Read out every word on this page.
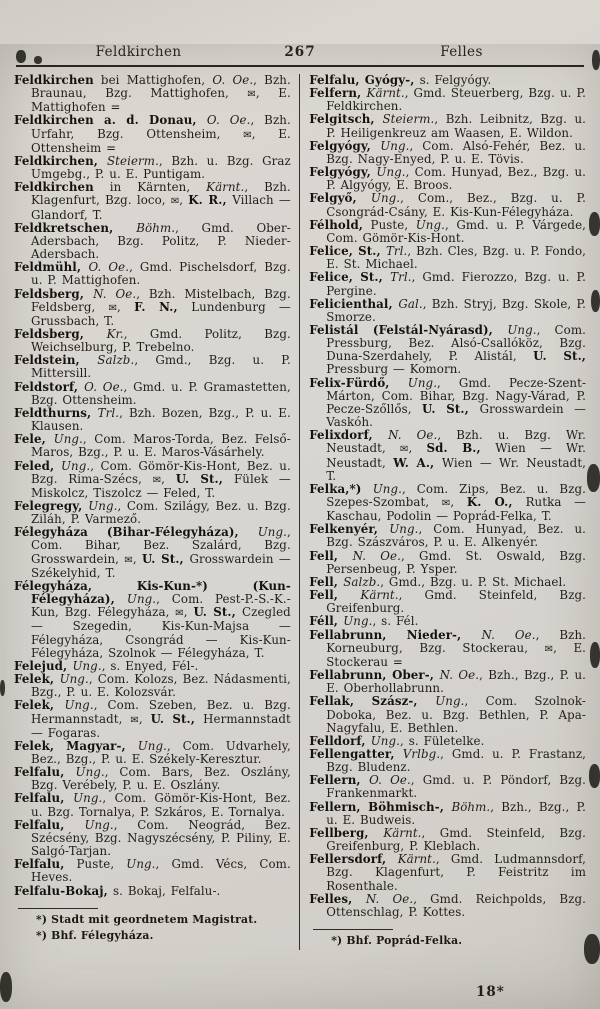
Feldkirchen	267	Felles

Feldkirchen bei Mattighofen, O. Oe., Bzh. Braunau, Bzg. Mattighofen, ✉, E. Mattighofen =

Feldkirchen a. d. Donau, O. Oe., Bzh. Urfahr, Bzg. Ottensheim, ✉, E. Ottensheim =

Feldkirchen, Steierm., Bzh. u. Bzg. Graz Umgebg., P. u. E. Puntigam.

Feldkirchen in Kärnten, Kärnt., Bzh. Klagenfurt, Bzg. loco, ✉, K. R., Villach — Glandorf, T.

Feldkretschen, Böhm., Gmd. Ober-Adersbach, Bzg. Politz, P. Nieder-Adersbach.

Feldmühl, O. Oe., Gmd. Pischelsdorf, Bzg. u. P. Mattighofen.

Feldsberg, N. Oe., Bzh. Mistelbach, Bzg. Feldsberg, ✉, F. N., Lundenburg — Grussbach, T.

Feldsberg, Kr., Gmd. Politz, Bzg. Weichselburg, P. Trebelno.

Feldstein, Salzb., Gmd., Bzg. u. P. Mittersill.

Feldstorf, O. Oe., Gmd. u. P. Gramastetten, Bzg. Ottensheim.

Feldthurns, Trl., Bzh. Bozen, Bzg., P. u. E. Klausen.

Fele, Ung., Com. Maros-Torda, Bez. Felső-Maros, Bzg., P. u. E. Maros-Vásárhely.

Feled, Ung., Com. Gömör-Kis-Hont, Bez. u. Bzg. Rima-Szécs, ✉, U. St., Fülek — Miskolcz, Tiszolcz — Feled, T.

Felegregy, Ung., Com. Szilágy, Bez. u. Bzg. Ziláh, P. Varmező.

Félegyháza (Bihar-Félegyháza), Ung., Com. Bihar, Bez. Szalárd, Bzg. Grosswardein, ✉, U. St., Grosswardein — Székelyhid, T.

Félegyháza, Kis-Kun-*) (Kun-Félegyháza), Ung., Com. Pest-P.-S.-K.-Kun, Bzg. Félegyháza, ✉, U. St., Czegled — Szegedin, Kis-Kun-Majsa — Félegyháza, Csongrád — Kis-Kun-Félegyháza, Szolnok — Félegyháza, T.

Felejud, Ung., s. Enyed, Fél-.

Felek, Ung., Com. Kolozs, Bez. Nádasmenti, Bzg., P. u. E. Kolozsvár.

Felek, Ung., Com. Szeben, Bez. u. Bzg. Hermannstadt, ✉, U. St., Hermannstadt — Fogaras.

Felek, Magyar-, Ung., Com. Udvarhely, Bez., Bzg., P. u. E. Székely-Keresztur.

Felfalu, Ung., Com. Bars, Bez. Oszlány, Bzg. Verébely, P. u. E. Oszlány.

Felfalu, Ung., Com. Gömör-Kis-Hont, Bez. u. Bzg. Tornalya, P. Szkáros, E. Tornalya.

Felfalu, Ung., Com. Neográd, Bez. Szécsény, Bzg. Nagyszécsény, P. Piliny, E. Salgó-Tarjan.

Felfalu, Puste, Ung., Gmd. Vécs, Com. Heves.

Felfalu-Bokaj, s. Bokaj, Felfalu-.

*) Stadt mit geordnetem Magistrat.

*) Bhf. Félegyháza.

Felfalu, Gyógy-, s. Felgyógy.

Felfern, Kärnt., Gmd. Steuerberg, Bzg. u. P. Feldkirchen.

Felgitsch, Steierm., Bzh. Leibnitz, Bzg. u. P. Heiligenkreuz am Waasen, E. Wildon.

Felgyógy, Ung., Com. Alsó-Fehér, Bez. u. Bzg. Nagy-Enyed, P. u. E. Tövis.

Felgyógy, Ung., Com. Hunyad, Bez., Bzg. u. P. Algyógy, E. Broos.

Felgyő, Ung., Com., Bez., Bzg. u. P. Csongrád-Csány, E. Kis-Kun-Félegyháza.

Félhold, Puste, Ung., Gmd. u. P. Várgede, Com. Gömör-Kis-Hont.

Felice, St., Trl., Bzh. Cles, Bzg. u. P. Fondo, E. St. Michael.

Felice, St., Trl., Gmd. Fierozzo, Bzg. u. P. Pergine.

Felicienthal, Gal., Bzh. Stryj, Bzg. Skole, P. Smorze.

Felistál (Felstál-Nyárasd), Ung., Com. Pressburg, Bez. Alsó-Csallóköz, Bzg. Duna-Szerdahely, P. Alistál, U. St., Pressburg — Komorn.

Felix-Fürdő, Ung., Gmd. Pecze-Szent-Márton, Com. Bihar, Bzg. Nagy-Várad, P. Pecze-Szőllős, U. St., Grosswardein — Vaskóh.

Felixdorf, N. Oe., Bzh. u. Bzg. Wr. Neustadt, ✉, Sd. B., Wien — Wr. Neustadt, W. A., Wien — Wr. Neustadt, T.

Felka,*) Ung., Com. Zips, Bez. u. Bzg. Szepes-Szombat, ✉, K. O., Rutka — Kaschau, Podolin — Poprád-Felka, T.

Felkenyér, Ung., Com. Hunyad, Bez. u. Bzg. Szászváros, P. u. E. Alkenyér.

Fell, N. Oe., Gmd. St. Oswald, Bzg. Persenbeug, P. Ysper.

Fell, Salzb., Gmd., Bzg. u. P. St. Michael.

Fell, Kärnt., Gmd. Steinfeld, Bzg. Greifenburg.

Féll, Ung., s. Fél.

Fellabrunn, Nieder-, N. Oe., Bzh. Korneuburg, Bzg. Stockerau, ✉, E. Stockerau =

Fellabrunn, Ober-, N. Oe., Bzh., Bzg., P. u. E. Oberhollabrunn.

Fellak, Szász-, Ung., Com. Szolnok-Doboka, Bez. u. Bzg. Bethlen, P. Apa-Nagyfalu, E. Bethlen.

Felldorf, Ung., s. Fületelke.

Fellengatter, Vrlbg., Gmd. u. P. Frastanz, Bzg. Bludenz.

Fellern, O. Oe., Gmd. u. P. Pöndorf, Bzg. Frankenmarkt.

Fellern, Böhmisch-, Böhm., Bzh., Bzg., P. u. E. Budweis.

Fellberg, Kärnt., Gmd. Steinfeld, Bzg. Greifenburg, P. Kleblach.

Fellersdorf, Kärnt., Gmd. Ludmannsdorf, Bzg. Klagenfurt, P. Feistritz im Rosenthale.

Felles, N. Oe., Gmd. Reichpolds, Bzg. Ottenschlag, P. Kottes.

*) Bhf. Poprád-Felka.

18*
